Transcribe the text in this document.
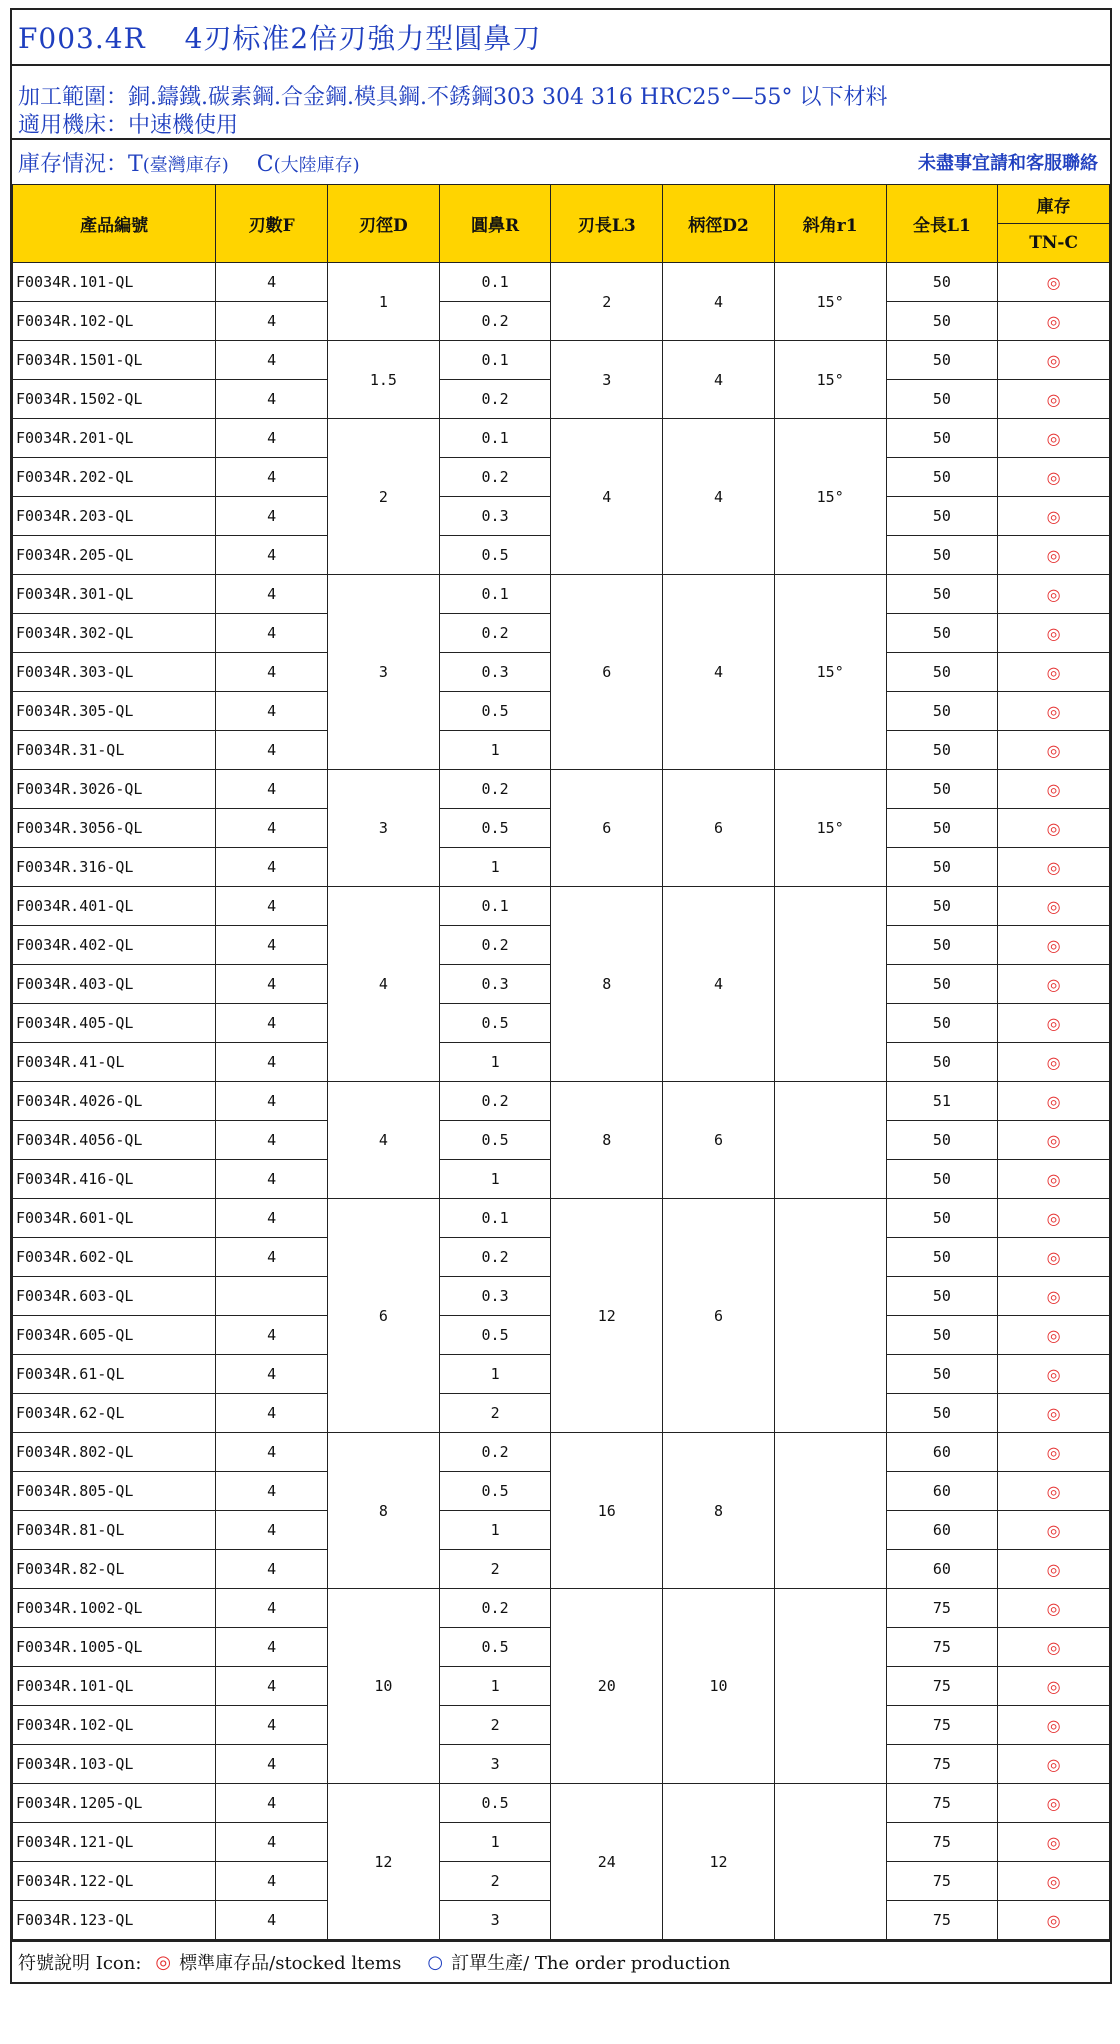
F003.4R　 4刃标准2倍刃強力型圓鼻刀
加工範圍：銅.鑄鐵.碳素鋼.合金鋼.模具鋼.不銹鋼303 304 316 HRC25°—55° 以下材料
適用機床：中速機使用
庫存情況：T(臺灣庫存) C(大陸庫存)	未盡事宜請和客服聯絡
產品編號	刃數F	刃徑D	圓鼻R	刃長L3	柄徑D2	斜角r1	全長L1	庫存
								TN-C
F0034R.101-QL	4	1	0.1	2	4	15°	50	◎
F0034R.102-QL	4		0.2				50	◎
F0034R.1501-QL	4	1.5	0.1	3	4	15°	50	◎
F0034R.1502-QL	4		0.2				50	◎
F0034R.201-QL	4	2	0.1	4	4	15°	50	◎
F0034R.202-QL	4		0.2				50	◎
F0034R.203-QL	4		0.3				50	◎
F0034R.205-QL	4		0.5				50	◎
F0034R.301-QL	4	3	0.1	6	4	15°	50	◎
F0034R.302-QL	4		0.2				50	◎
F0034R.303-QL	4		0.3				50	◎
F0034R.305-QL	4		0.5				50	◎
F0034R.31-QL	4		1				50	◎
F0034R.3026-QL	4	3	0.2	6	6	15°	50	◎
F0034R.3056-QL	4		0.5				50	◎
F0034R.316-QL	4		1				50	◎
F0034R.401-QL	4	4	0.1	8	4		50	◎
F0034R.402-QL	4		0.2				50	◎
F0034R.403-QL	4		0.3				50	◎
F0034R.405-QL	4		0.5				50	◎
F0034R.41-QL	4		1				50	◎
F0034R.4026-QL	4	4	0.2	8	6		51	◎
F0034R.4056-QL	4		0.5				50	◎
F0034R.416-QL	4		1				50	◎
F0034R.601-QL	4	6	0.1	12	6		50	◎
F0034R.602-QL	4		0.2				50	◎
F0034R.603-QL			0.3				50	◎
F0034R.605-QL	4		0.5				50	◎
F0034R.61-QL	4		1				50	◎
F0034R.62-QL	4		2				50	◎
F0034R.802-QL	4	8	0.2	16	8		60	◎
F0034R.805-QL	4		0.5				60	◎
F0034R.81-QL	4		1				60	◎
F0034R.82-QL	4		2				60	◎
F0034R.1002-QL	4	10	0.2	20	10		75	◎
F0034R.1005-QL	4		0.5				75	◎
F0034R.101-QL	4		1				75	◎
F0034R.102-QL	4		2				75	◎
F0034R.103-QL	4		3				75	◎
F0034R.1205-QL	4	12	0.5	24	12		75	◎
F0034R.121-QL	4		1				75	◎
F0034R.122-QL	4		2				75	◎
F0034R.123-QL	4		3				75	◎
符號說明 Icon: ◎ 標準庫存品/stocked ltems ○ 訂單生產/ The order production
